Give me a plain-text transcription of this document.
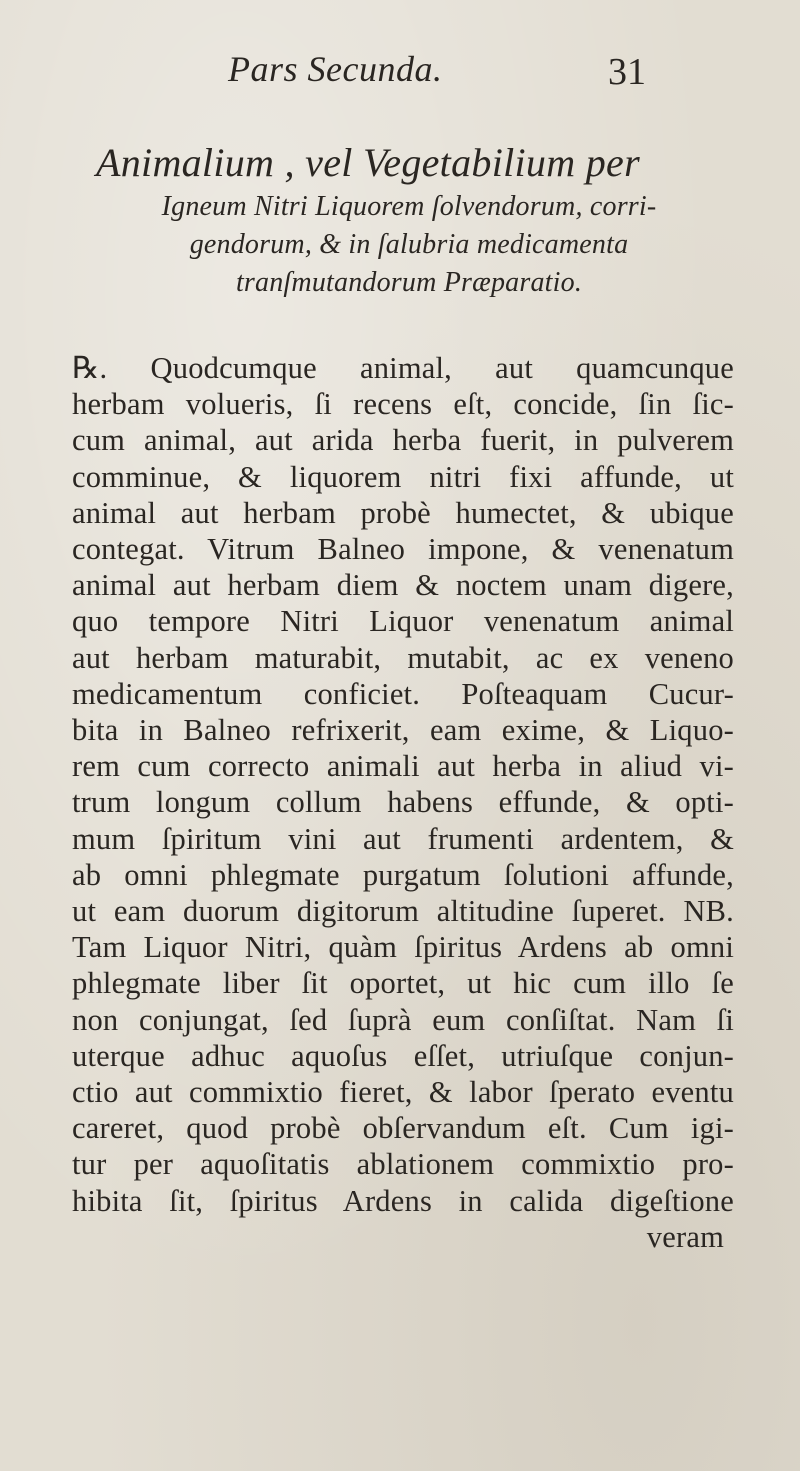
Pars Secunda.	31
Animalium , vel Vegetabilium per
Igneum Nitri Liquorem ſolvendorum, corri-
gendorum, & in ſalubria medicamenta
tranſmutandorum Præparatio.
℞. Quodcumque animal, aut quamcunque
herbam volueris, ſi recens eſt, concide, ſin ſic-
cum animal, aut arida herba fuerit, in pulverem
comminue, & liquorem nitri fixi affunde, ut
animal aut herbam probè humectet, & ubique
contegat. Vitrum Balneo impone, & venenatum
animal aut herbam diem & noctem unam digere,
quo tempore Nitri Liquor venenatum animal
aut herbam maturabit, mutabit, ac ex veneno
medicamentum conficiet. Poſteaquam Cucur-
bita in Balneo refrixerit, eam exime, & Liquo-
rem cum correcto animali aut herba in aliud vi-
trum longum collum habens effunde, & opti-
mum ſpiritum vini aut frumenti ardentem, &
ab omni phlegmate purgatum ſolutioni affunde,
ut eam duorum digitorum altitudine ſuperet. NB.
Tam Liquor Nitri, quàm ſpiritus Ardens ab omni
phlegmate liber ſit oportet, ut hic cum illo ſe
non conjungat, ſed ſuprà eum conſiſtat. Nam ſi
uterque adhuc aquoſus eſſet, utriuſque conjun-
ctio aut commixtio fieret, & labor ſperato eventu
careret, quod probè obſervandum eſt. Cum igi-
tur per aquoſitatis ablationem commixtio pro-
hibita ſit, ſpiritus Ardens in calida digeſtione
veram
